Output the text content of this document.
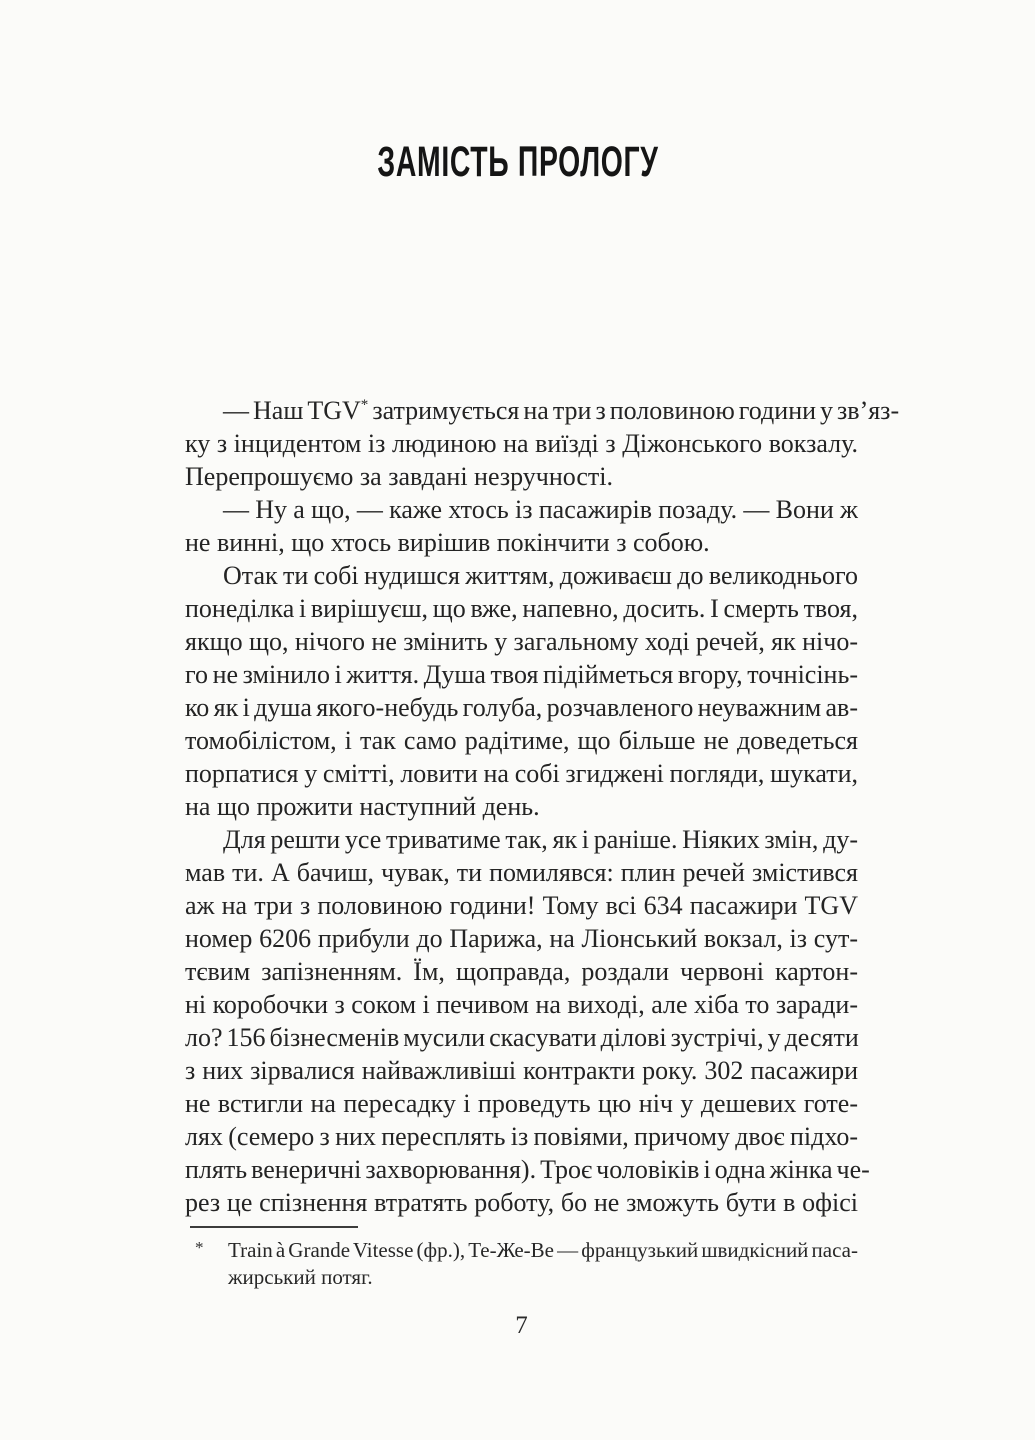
ЗАМІСТЬ ПРОЛОГУ
— Наш TGV* затримується на три з половиною години у зв’яз-
ку з інцидентом із людиною на виїзді з Діжонського вокзалу.
Перепрошуємо за завдані незручності.
— Ну а що, — каже хтось із пасажирів позаду. — Вони ж
не винні, що хтось вирішив покінчити з собою.
Отак ти собі нудишся життям, доживаєш до великоднього
понеділка і вирішуєш, що вже, напевно, досить. І смерть твоя,
якщо що, нічого не змінить у загальному ході речей, як нічо-
го не змінило і життя. Душа твоя підійметься вгору, точнісінь-
ко як і душа якого-небудь голуба, розчавленого неуважним ав-
томобілістом, і так само радітиме, що більше не доведеться
порпатися у смітті, ловити на собі згиджені погляди, шукати,
на що прожити наступний день.
Для решти усе триватиме так, як і раніше. Ніяких змін, ду-
мав ти. А бачиш, чувак, ти помилявся: плин речей змістився
аж на три з половиною години! Тому всі 634 пасажири TGV
номер 6206 прибули до Парижа, на Ліонський вокзал, із сут-
тєвим запізненням. Їм, щоправда, роздали червоні картон-
ні коробочки з соком і печивом на виході, але хіба то заради-
ло? 156 бізнесменів мусили скасувати ділові зустрічі, у десяти
з них зірвалися найважливіші контракти року. 302 пасажири
не встигли на пересадку і проведуть цю ніч у дешевих готе-
лях (семеро з них пересплять із повіями, причому двоє підхо-
плять венеричні захворювання). Троє чоловіків і одна жінка че-
рез це спізнення втратять роботу, бо не зможуть бути в офісі
* Train à Grande Vitesse (фр.), Те-Же-Ве — французький швидкісний паса-
жирський потяг.
7
